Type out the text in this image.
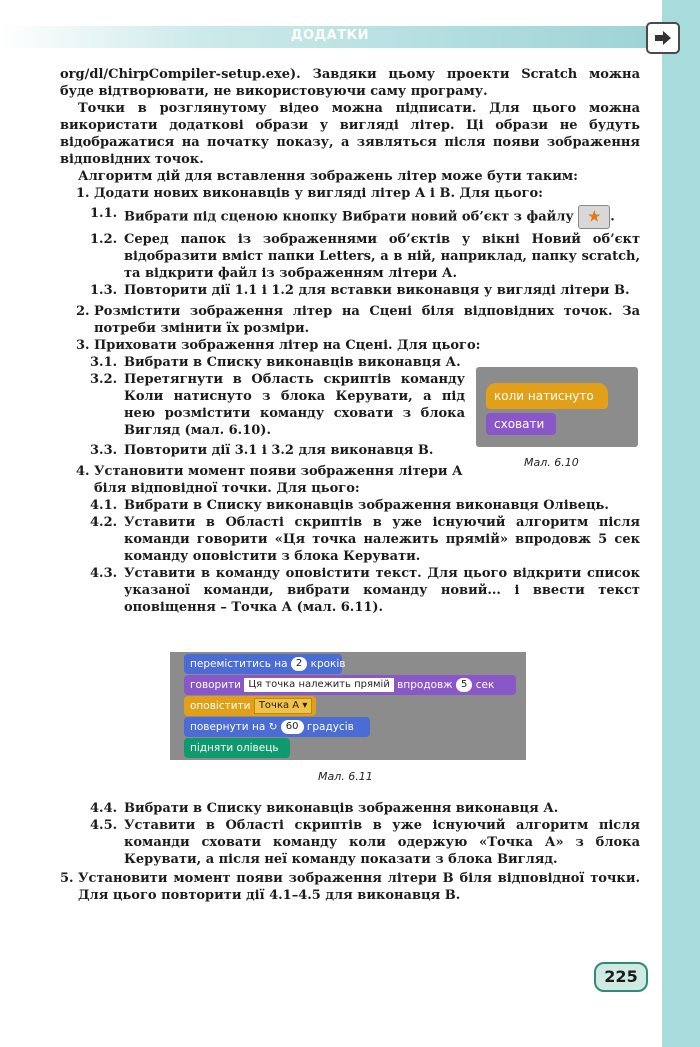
ДОДАТКИ

org/dl/ChirpCompiler-setup.exe). Завдяки цьому проекти Scratch можна буде відтворювати, не використовуючи саму програму.

Точки в розглянутому відео можна підписати. Для цього можна використати додаткові образи у вигляді літер. Ці образи не будуть відображатися на початку показу, а зявляться після появи зображення відповідних точок.

Алгоритм дій для вставлення зображень літер може бути таким:

1. Додати нових виконавців у вигляді літер А і В. Для цього:
1.1. Вибрати під сценою кнопку Вибрати новий об’єкт з файлу ★ .
1.2. Серед папок із зображеннями об’єктів у вікні Новий об’єкт відобразити вміст папки Letters, а в ній, наприклад, папку scratch, та відкрити файл із зображенням літери А.
1.3. Повторити дії 1.1 і 1.2 для вставки виконавця у вигляді літери В.
2. Розмістити зображення літер на Сцені біля відповідних точок. За потреби змінити їх розміри.
3. Приховати зображення літер на Сцені. Для цього:
3.1. Вибрати в Списку виконавців виконавця А.
3.2. Перетягнути в Область скриптів команду Коли натиснуто з блока Керувати, а під нею розмістити команду сховати з блока Вигляд (мал. 6.10).
3.3. Повторити дії 3.1 і 3.2 для виконавця В.
4. Установити момент появи зображення літери А біля відповідної точки. Для цього:
4.1. Вибрати в Списку виконавців зображення виконавця Олівець.
4.2. Уставити в Області скриптів в уже існуючий алгоритм після команди говорити «Ця точка належить прямій» впродовж 5 сек команду оповістити з блока Керувати.
4.3. Уставити в команду оповістити текст. Для цього відкрити список указаної команди, вибрати команду новий... і ввести текст оповіщення – Точка А (мал. 6.11).
коли натиснуто
сховати
Мал. 6.10
переміститись на 2 кроків
говорити Ця точка належить прямій впродовж 5 сек
оповістити Точка А ▾
повернути на ↻ 60 градусів
підняти олівець
Мал. 6.11
4.4. Вибрати в Списку виконавців зображення виконавця А.
4.5. Уставити в Області скриптів в уже існуючий алгоритм після команди сховати команду коли одержую «Точка А» з блока Керувати, а після неї команду показати з блока Вигляд.
5. Установити момент появи зображення літери В біля відповідної точки. Для цього повторити дії 4.1–4.5 для виконавця В.
225
